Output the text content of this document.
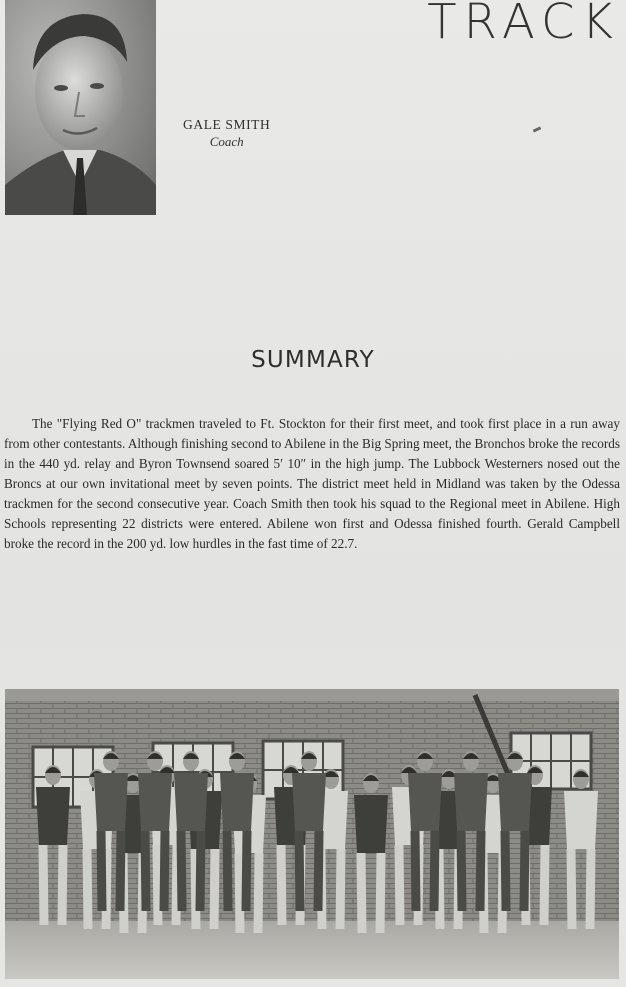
TRACK
GALE SMITH
Coach
SUMMARY

The "Flying Red O" trackmen traveled to Ft. Stockton for their first meet, and took first place in a run away from other contestants. Although finishing second to Abilene in the Big Spring meet, the Bronchos broke the records in the 440 yd. relay and Byron Townsend soared 5′ 10″ in the high jump. The Lubbock Westerners nosed out the Broncs at our own invitational meet by seven points. The district meet held in Midland was taken by the Odessa trackmen for the second consecutive year. Coach Smith then took his squad to the Regional meet in Abilene. High Schools representing 22 districts were entered. Abilene won first and Odessa finished fourth. Gerald Campbell broke the record in the 200 yd. low hurdles in the fast time of 22.7.
